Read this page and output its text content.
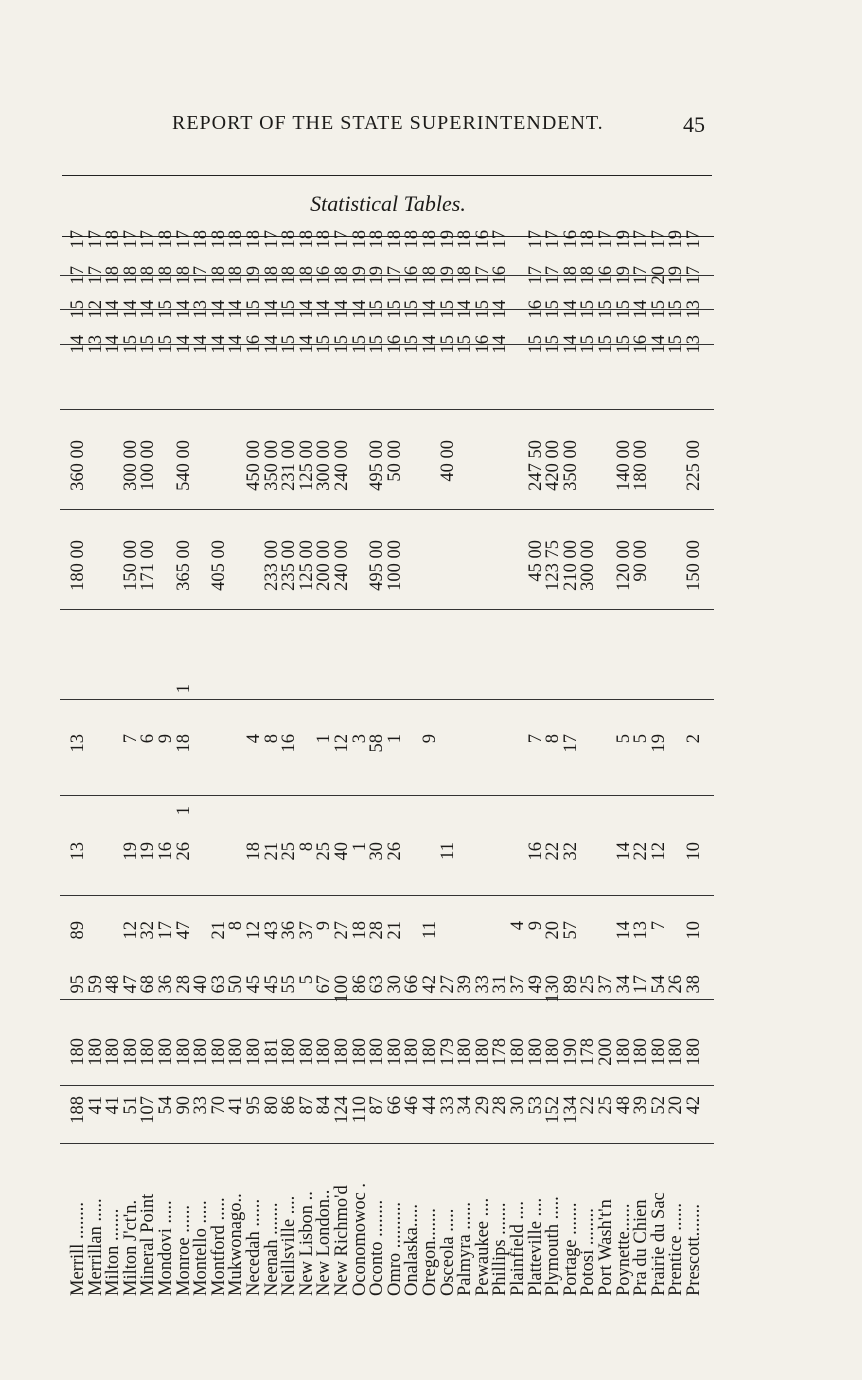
REPORT OF THE STATE SUPERINTENDENT.	45
Statistical Tables.
Merrill ........
188
180
95
89
13
13
180 00
360 00
14
15
17
17
Merrillan .....
41
180
59
13
12
17
17
Milton .......
41
180
48
14
14
18
18
Milton J'ct'n.
51
180
47
12
19
7
150 00
300 00
15
14
18
17
Mineral Point
107
180
68
32
19
6
171 00
100 00
15
14
18
17
Mondovi .....
54
180
36
17
16
9
15
15
18
18
Monroe ......
90
180
28
47
26
1
18
1
365 00
540 00
14
14
18
17
Montello .....
33
180
40
14
13
17
18
Montford .....
70
180
63
21
405 00
14
14
18
18
Mukwonago..
41
180
50
8
14
14
18
18
Necedah ......
95
180
45
12
18
4
450 00
16
15
19
18
Neenah .......
80
181
45
43
21
8
233 00
350 00
14
14
18
17
Neillsville ....
86
180
55
36
25
16
235 00
231 00
15
15
18
18
New Lisbon ..
87
180
5
37
8
125 00
125 00
14
14
18
18
New London..
84
180
67
9
25
1
200 00
300 00
15
14
16
18
New Richmo'd
124
180
100
27
40
12
240 00
240 00
15
14
18
17
Oconomowoc .
110
180
86
18
1
3
15
14
19
18
Oconto ........
87
180
63
28
30
58
495 00
495 00
15
15
19
18
Omro ..........
66
180
30
21
26
1
100 00
50 00
16
15
17
18
Onalaska.....
46
180
66
15
15
16
18
Oregon.......
44
180
42
11
9
14
14
18
18
Osceola .....
33
179
27
11
40 00
15
15
19
19
Palmyra ......
34
180
39
15
14
18
18
Pewaukee ....
29
180
33
16
15
17
16
Phillips .......
28
178
31
14
14
16
17
Plainfield ....
30
180
37
4
Platteville ....
53
180
49
9
16
7
45 00
247 50
15
16
17
17
Plymouth .....
152
180
130
20
22
8
123 75
420 00
15
15
17
17
Portage .......
134
190
89
57
32
17
210 00
350 00
14
14
18
16
Potosi ........
22
178
25
300 00
15
15
18
18
Port Wash't'n
25
200
37
15
15
16
17
Poynette......
48
180
34
14
14
5
120 00
140 00
15
15
19
19
Pra du Chien
39
180
17
13
22
5
90 00
180 00
16
14
17
17
Prairie du Sac
52
180
54
7
12
19
14
15
20
17
Prentice ......
20
180
26
15
15
19
19
Prescott.......
42
180
38
10
10
2
150 00
225 00
13
13
17
17
